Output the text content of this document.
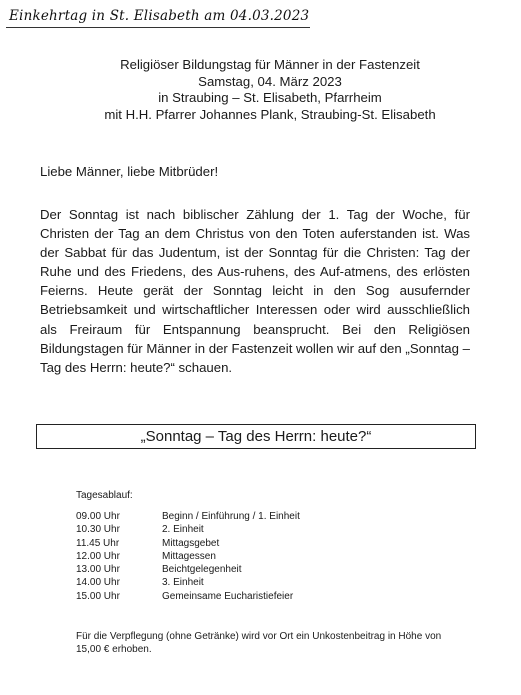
Einkehrtag in St. Elisabeth am 04.03.2023
Religiöser Bildungstag für Männer in der Fastenzeit
Samstag, 04. März 2023
in Straubing – St. Elisabeth, Pfarrheim
mit H.H. Pfarrer Johannes Plank, Straubing-St. Elisabeth
Liebe Männer, liebe Mitbrüder!
Der Sonntag ist nach biblischer Zählung der 1. Tag der Woche, für Christen der Tag an dem Christus von den Toten auferstanden ist. Was der Sabbat für das Judentum, ist der Sonntag für die Christen: Tag der Ruhe und des Friedens, des Aus-ruhens, des Auf-atmens, des erlösten Feierns. Heute gerät der Sonntag leicht in den Sog ausufernder Betriebsamkeit und wirtschaftlicher Interessen oder wird ausschließlich als Freiraum für Entspannung beansprucht. Bei den Religiösen Bildungstagen für Männer in der Fastenzeit wollen wir auf den „Sonntag – Tag des Herrn: heute?“ schauen.
„Sonntag – Tag des Herrn: heute?“
Tagesablauf:
09.00 Uhr	Beginn / Einführung / 1. Einheit
10.30 Uhr	2. Einheit
11.45 Uhr	Mittagsgebet
12.00 Uhr	Mittagessen
13.00 Uhr	Beichtgelegenheit
14.00 Uhr	3. Einheit
15.00 Uhr	Gemeinsame Eucharistiefeier
Für die Verpflegung (ohne Getränke) wird vor Ort ein Unkostenbeitrag in Höhe von 15,00 € erhoben.
